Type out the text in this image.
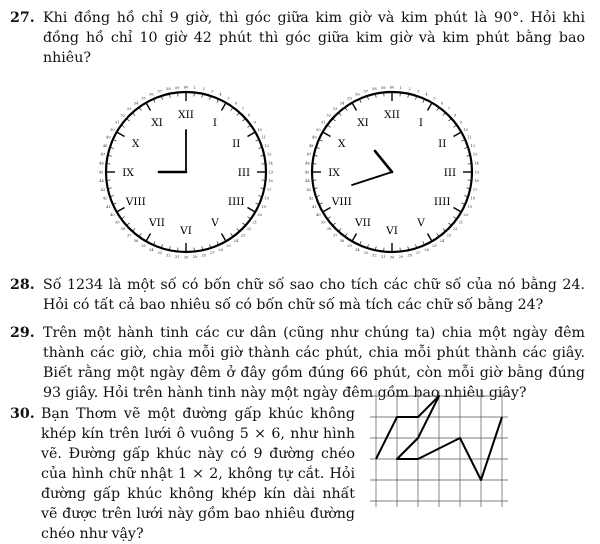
27. Khi đồng hồ chỉ 9 giờ, thì góc giữa kim giờ và kim phút là 90°. Hỏi khi đồng hồ chỉ 10 giờ 42 phút thì góc giữa kim giờ và kim phút bằng bao nhiêu?
60 1 2
3
4
5
6
7
8
9
10
11
12
13
14
15
16
17
18
19
20
21
22
23
24
25
26
27
28
29
30
31
32
33
34
35
36
37
38
39
40
41
42
43
44
45
46
47
48
49
50
51
52
53
54
55
56
57
58 59
XII
I
II
III
IIII
V
VI
VII
VIII
IX
X
XI
60 1 2
3
4
5
6
7
8
9
10
11
12
13
14
15
16
17
18
19
20
21
22
23
24
25
26
27
28
29
30
31
32
33
34
35
36
37
38
39
40
41
42
43
44
45
46
47
48
49
50
51
52
53
54
55
56
57
58 59
XII
I
II
III
IIII
V
VI
VII
VIII
IX
X
XI
28. Số 1234 là một số có bốn chữ số sao cho tích các chữ số của nó bằng 24. Hỏi có tất cả bao nhiêu số có bốn chữ số mà tích các chữ số bằng 24?
29. Trên một hành tinh các cư dân (cũng như chúng ta) chia một ngày đêm thành các giờ, chia mỗi giờ thành các phút, chia mỗi phút thành các giây. Biết rằng một ngày đêm ở đây gồm đúng 66 phút, còn mỗi giờ bằng đúng 93 giây. Hỏi trên hành tinh này một ngày đêm gồm bao nhiêu giây?
30. Bạn Thơm vẽ một đường gấp khúc không khép kín trên lưới ô vuông 5 × 6, như hình vẽ. Đường gấp khúc này có 9 đường chéo của hình chữ nhật 1 × 2, không tự cắt. Hỏi đường gấp khúc không khép kín dài nhất vẽ được trên lưới này gồm bao nhiêu đường chéo như vậy?
